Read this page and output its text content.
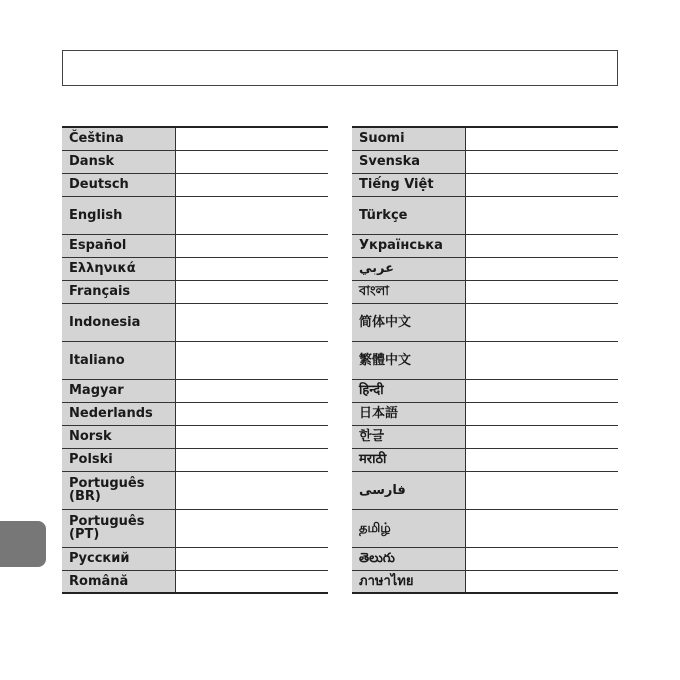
Čeština	
Dansk	
Deutsch	
English	
Español	
Ελληνικά	
Français	
Indonesia	
Italiano	
Magyar	
Nederlands	
Norsk	
Polski	
Português (BR)	
Português (PT)	
Русский	
Română	
Suomi	
Svenska	
Tiếng Việt	
Türkçe	
Українська	
عربي	
বাংলা	
简体中文	
繁體中文	
हिन्दी	
日本語	
한글	
मराठी	
فارسی	
தமிழ்	
తెలుగు	
ภาษาไทย	
